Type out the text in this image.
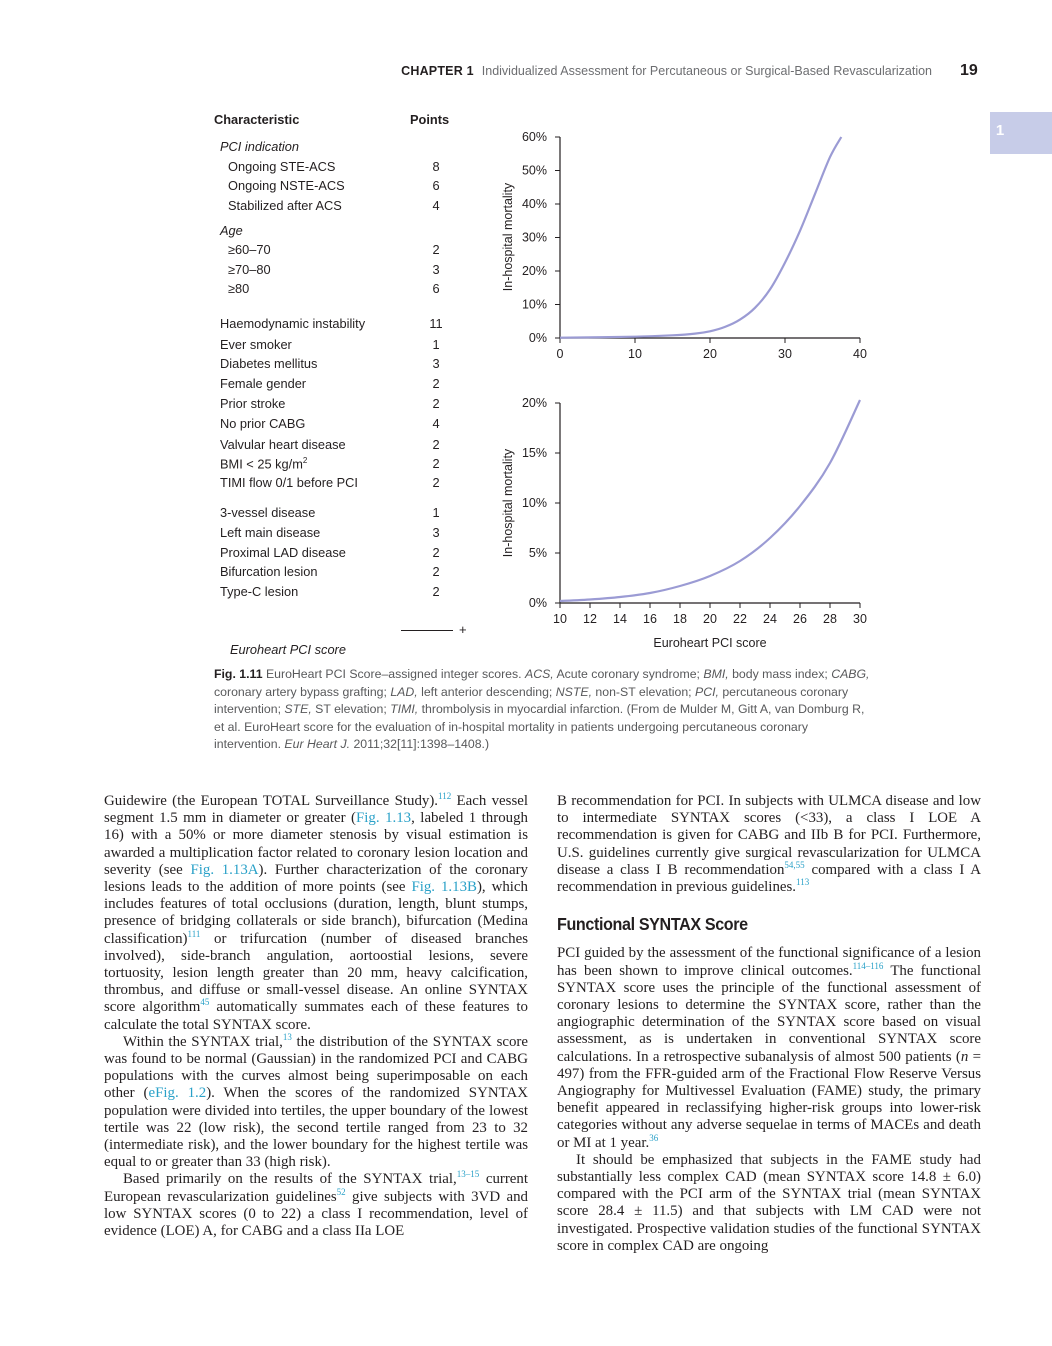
CHAPTER 1 Individualized Assessment for Percutaneous or Surgical-Based Revascularization 19
1
Characteristic	Points
PCI indication
Ongoing STE-ACS	8
Ongoing NSTE-ACS	6
Stabilized after ACS	4
Age
≥60–70	2
≥70–80	3
≥80	6
Haemodynamic instability	11
Ever smoker	1
Diabetes mellitus	3
Female gender	2
Prior stroke	2
No prior CABG	4
Valvular heart disease	2
BMI < 25 $kg/m^2$	2
TIMI flow 0/1 before PCI	2
3-vessel disease	1
Left main disease	3
Proximal LAD disease	2
Bifurcation lesion	2
Type-C lesion	2
+
Euroheart PCI score
0%
10%
20%
30%
40%
50%
60%
0	10	20	30	40
In-hospital mortality
0%
5%
10%
15%
20%
10 12 14 16 18 20 22 24 26 28 30
In-hospital mortality
Euroheart PCI score
Fig. 1.11 EuroHeart PCI Score–assigned integer scores. ACS, Acute coronary syndrome; BMI, body mass index; CABG, coronary artery bypass grafting; LAD, left anterior descending; NSTE, non-ST elevation; PCI, percutaneous coronary intervention; STE, ST elevation; TIMI, thrombolysis in myocardial infarction. (From de Mulder M, Gitt A, van Domburg R, et al. EuroHeart score for the evaluation of in-hospital mortality in patients undergoing percutaneous coronary intervention. Eur Heart J. 2011;32[11]:1398–1408.)

Guidewire (the European TOTAL Surveillance Study).$^{112}$ Each vessel segment 1.5 mm in diameter or greater (Fig. 1.13, labeled 1 through 16) with a 50% or more diameter stenosis by visual estimation is awarded a multiplication factor related to coronary lesion location and severity (see Fig. 1.13A). Further characterization of the coronary lesions leads to the addition of more points (see Fig. 1.13B), which includes features of total occlusions (duration, length, blunt stumps, presence of bridging collaterals or side branch), bifurcation (Medina classification)$^{111}$ or trifurcation (number of diseased branches involved), side-branch angulation, aortoostial lesions, severe tortuosity, lesion length greater than 20 mm, heavy calcification, thrombus, and diffuse or small-vessel disease. An online SYNTAX score algorithm$^{45}$ automatically summates each of these features to calculate the total SYNTAX score.

Within the SYNTAX trial,$^{13}$ the distribution of the SYNTAX score was found to be normal (Gaussian) in the randomized PCI and CABG populations with the curves almost being superimposable on each other (eFig. 1.2). When the scores of the randomized SYNTAX population were divided into tertiles, the upper boundary of the lowest tertile was 22 (low risk), the second tertile ranged from 23 to 32 (intermediate risk), and the lower boundary for the highest tertile was equal to or greater than 33 (high risk).

Based primarily on the results of the SYNTAX trial,$^{13-15}$ current European revascularization guidelines$^{52}$ give subjects with 3VD and low SYNTAX scores (0 to 22) a class I recommendation, level of evidence (LOE) A, for CABG and a class IIa LOE

B recommendation for PCI. In subjects with ULMCA disease and low to intermediate SYNTAX scores (<33), a class I LOE A recommendation is given for CABG and IIb B for PCI. Furthermore, U.S. guidelines currently give surgical revascularization for ULMCA disease a class I B recommendation$^{54,55}$ compared with a class I A recommendation in previous guidelines.$^{113}$

Functional SYNTAX Score

PCI guided by the assessment of the functional significance of a lesion has been shown to improve clinical outcomes.$^{114-116}$ The functional SYNTAX score uses the principle of the functional assessment of coronary lesions to determine the SYNTAX score, rather than the angiographic determination of the SYNTAX score based on visual assessment, as is undertaken in conventional SYNTAX score calculations. In a retrospective subanalysis of almost 500 patients (n = 497) from the FFR-guided arm of the Fractional Flow Reserve Versus Angiography for Multivessel Evaluation (FAME) study, the primary benefit appeared in reclassifying higher-risk groups into lower-risk categories without any adverse sequelae in terms of MACEs and death or MI at 1 year.$^{36}$

It should be emphasized that subjects in the FAME study had substantially less complex CAD (mean SYNTAX score 14.8 ± 6.0) compared with the PCI arm of the SYNTAX trial (mean SYNTAX score 28.4 ± 11.5) and that subjects with LM CAD were not investigated. Prospective validation studies of the functional SYNTAX score in complex CAD are ongoing
